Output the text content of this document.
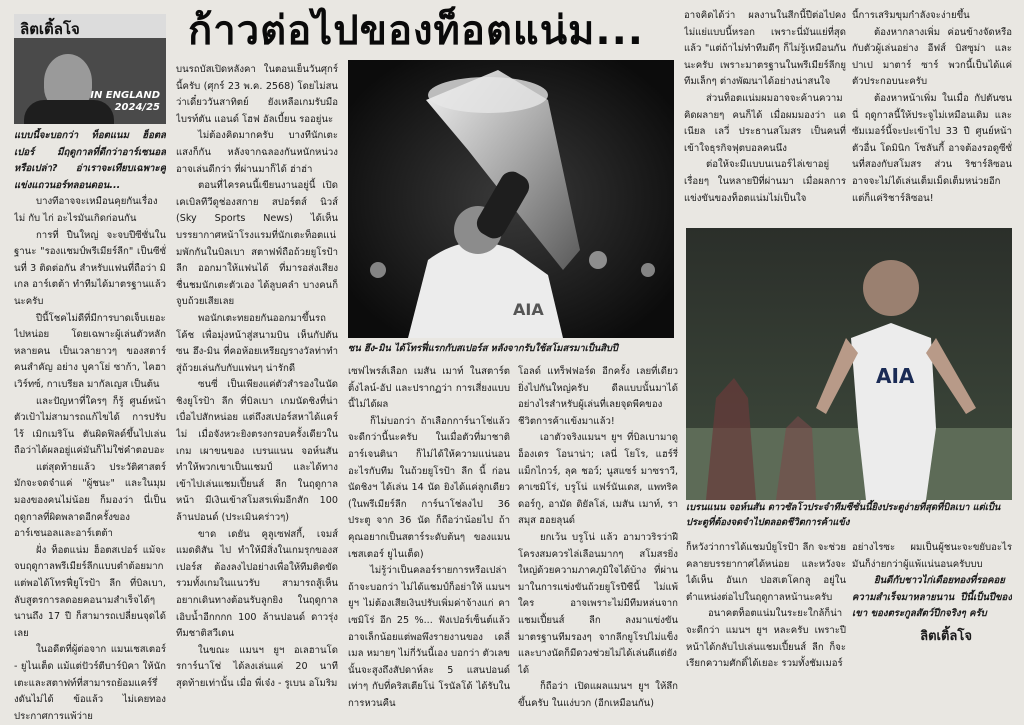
ลิตเติ้ลโจ
IN ENGLAND
2024/25
ก้าวต่อไปของท็อตแน่ม...

แบบนี้จะบอกว่า ท็อตแนม ฮ็อตสเปอร์ มีฤดูกาลที่ดีกว่าอาร์เซนอล หรือเปล่า? อ่าเราจะเทียบเฉพาะคู่แข่งแถวนอร์ทลอนดอน...

บางทีอาจจะเหมือนคุยกันเรื่อง ไม่ กับ ไก่ อะไรมันเกิดก่อนกัน

การที่ ปืนใหญ่ จะจบปีซีซั่นในฐานะ "รองแชมป์พรีเมียร์ลีก" เป็นซีซั่นที่ 3 ติดต่อกัน สำหรับแฟนที่ถือว่า มิเกล อาร์เตต้า ทำทีมได้มาตรฐานแล้วนะครับ

ปีนี้โชคไม่ดีที่มีการบาดเจ็บเยอะไปหน่อย โดยเฉพาะผู้เล่นตัวหลักหลายคน เป็นเวลายาวๆ ของสตาร์คนสำคัญ อย่าง บูคาโย่ ซาก้า, ไคฮาเวิร์ทซ์, กาเบรียล มากัลเญส เป็นต้น

และปัญหาที่ใครๆ ก็รู้ ศูนย์หน้าตัวเป้าไม่สามารถแก้ไขได้ การปรับไร้ เมิกเมริโน ตันผิดฟิลด์ขึ้นไปเล่น ถือว่าได้ผลอยู่แค่มันก็ไม่ใช่คำตอบอะ

แต่สุดท้ายแล้ว ประวัติศาสตร์มักจะจดจำแค่ "ผู้ชนะ" และในมุมมองของคนไม่น้อย ก็มองว่า นี่เป็นฤดูกาลที่ผิดพลาดอีกครั้งของอาร์เซนอลและอาร์เตต้า

ฝั่ง ท็อตแน่ม ฮ็อตสเปอร์ แม้จะจบฤดูกาลพรีเมียร์ลีกแบบตำต้อยมากแต่พอได้โทรฟี่ยูโรป้า ลีก ที่บิลเบา, ลับสูตรการลดอยคอนามสำเร็จได้ๆ นานถึง 17 ปี ก็สามารถเปลี่ยนจุดได้เลย

ในอดีตที่ผู้ต่อจาก แมนเชสเตอร์ - ยูไนเต็ด แม้แต่ปัวร์ตีบาร์บิคา ให้นักเตะและสตาฟท์ที่สามารถย้อมแคร์รึ่งดันไม่ได้ ข้อแล้ว ไม่เคยทองประกาศการแพ้ว่าย

บนรถบัสเปิดหลังคา ในตอนเย็นวันศุกร์นี้ครับ (ศุกร์ 23 พ.ค. 2568) โดยไม่สนว่าเดี๋ยววันสาทิตย์ ยังเหลือเกมรับมือไบรท์ตัน แอนด์ โฮฟ อัลเบี้ยน รออยู่นะ

ไม่ต้องคิดมากครับ บางทีนักเตะแสงก็กัน หลังจากฉลองกันหนักหน่วงอาจเล่นดีกว่า ที่ผ่านมาก็ได้ ฮ่าฮ่า

ตอนที่ไครคนนี้เขียนงานอยู่นี้ เปิดเคเบิลทีวีดูช่องสกาย สปอร์ตส์ นิวส์ (Sky Sports News) ได้เห็นบรรยากาศหน้าโรงแรมที่นักเตะท็อตแน่มพักกันในบิลเบา สตาฟฟ์ถือถ้วยยูโรป้า ลีก ออกมาให้แฟนได้ ที่มารอส่งเสียงชื่นชมนักเตะตัวเอง ได้ลูบคลำ บางคนก็จูบถ้วยเสียเลย

พอนักเตะทยอยกันออกมาขึ้นรถโค้ช เพื่อมุ่งหน้าสู่สนามบิน เห็นกัปตัน ซน ฮึง-มิน ที่คอห้อยเหรียญรางวัลท่าทำสู่ถ้วยเล่นกับกับแฟนๆ น่ารักดี

ซนซี่ เป็นเพียงแค่ตัวสำรองในนัดชิงยูโรป้า ลีก ที่บิลเบา เกมนัดชิงที่น่าเบื่อไปสักหน่อย แต่ถึงสเปอร์สหาได้แคร์ไม่ เมื่อจังหวะยิงตรงกรอบครั้งเดียวในเกม เผาขนของ เบรนแนน จอห์นสัน ทำให้พวกเขาเป็นแชมป์ และได้ทางเข้าไปเล่นแชมเปี้ยนส์ ลีก ในฤดูกาลหน้า มีเงินเข้าสโมสรเพิ่มอีกสัก 100 ล้านปอนด์ (ประเมินคร่าวๆ)

ขาด เดยัน คูลูเซฟสกี้, เจมส์ แมดดิสัน ไป ทำให้มีสิ่งในเกมรุกของสเปอร์ส ต้องลงไปอย่างเพื่อให้ทีมติดขัด รวมทั้งเกมในแนวรับ สามารถสู้เห็นอยากเดินทางต้อนรับลูกยิง ในฤดูกาลเอิบน้ำอีกกกก 100 ล้านปอนด์ ดาวรุ่งทีมชาติสวีเดน

ในขณะ แมนฯ ยูฯ อเลฮานโดรการ์นาโช่ ได้ลงเล่นแค่ 20 นาทีสุดท้ายเท่านั้น เมื่อ พี่เจ๋ง - รูเบน อโมริม

AIA
ซน ฮึง-มิน ได้โทรฟี่แรกกับสเปอร์ส หลังจากรับใช้สโมสรมาเป็นสิบปี

เซฟไพรส์เลือก เมสัน เมาท์ ในสตาร์ตติ้งไลน์-อัป และปรากฏว่า การเสี่ยงแบบนี้ไม่ได้ผล

ก็ไม่บอกว่า ถ้าเลือกการ์นาโช่แล้วจะดีกว่านี้นะครับ ในเมื่อตัวที่มาชาติอาร์เจนตินา ก็ไม่ได้ให้ความแน่นอนอะไรกับทีม ในถ้วยยูโรป้า ลีก นี้ ก่อนนัดชิงฯ ได้เล่น 14 นัด ยิงได้แค่ลูกเดียว (ในพรีเมียร์ลีก การ์นาโช่ลงไป 36 ประตู จาก 36 นัด ก็ถือว่าน้อยไป ถ้าคุณอยากเป็นสตาร์ระดับต้นๆ ของแมนเชสเตอร์ ยูไนเต็ด)

ไม่รู้ว่าเป็นคลอร์รายการหรือเปล่า ถ้าจะบอกว่า ไม่ได้แชมป์ก็อย่าให้ แมนฯ ยูฯ ไม่ต้องเสียเงินปรับเพิ่มค่าจ้างแก่ คาเซมิโร่ อีก 25 %... ฟังเปอร์เซ็นต์แล้วอาจเล็กน้อยแต่พอพึงรายงานของ เดลี่ เมล หมายๆ ไม่กี่วันนี้เอง บอกว่า ตัวเลขนั้นจะสูงถึงสัปดาห์ละ 5 แสนปอนด์ เท่าๆ กับที่คริสเตียโน่ โรนัลโด้ ได้รับในการหวนคืน

อาจคิดได้ว่า ผลงานในสีกนี้ปีต่อไปคงไม่แย่แบบนี้หรอก เพราะนี่มันแย่ที่สุดแล้ว "แต่ถ้าไม่ทำทีมดีๆ ก็ไม่รู้เหมือนกันนะครับ เพราะมาตรฐานในพรีเมียร์ลีกยูทีมเล็กๆ ต่างพัฒนาได้อย่างน่าสนใจ

ส่วนท็อตแน่มผมอาจจะค้านความคิดผลายๆ คนก็ได้ เมื่อผมมองว่า แดเนียล เลวี่ ประธานสโมสร เป็นคนที่เข้าใจธุรกิจฟุตบอลคนนึง

ต่อให้จะมีแบบนเนอร์ไล่เขาอยู่เรื่อยๆ ในหลายปีที่ผ่านมา เมื่อผลการแข่งขันของท็อตแน่มไม่เป็นใจ

โอลด์ แทร็ฟฟอร์ด อีกครั้ง เลยที่เดียว ยิ่งไปกันใหญ่ครับ ดีลแบบนั้นมาได้อย่างไรสำหรับผู้เล่นที่เลยจุดพีคของชีวิตการค้าแข้งมาแล้ว!

เอาตัวจริงแมนฯ ยูฯ ที่บิลเบามาดู อ็องเดร โอนาน่า; เลนี่ โยโร, แฮร์รี่ แม็กไกวร์, ลุค ชอว์; นูสแซร์ มาซราวี, คาเซมิโร่, บรูโน่ แฟร์นันเดส, แพทริค ดอร์กู, อามัด ดิยัลโล่, เมสัน เมาท์, ราสมุส ฮอยลุนด์

ยกเว้น บรูโน่ แล้ว อามาวริรว่าฝีโครงสมควรไล่เลือนมากๆ สโมสรยิ่งใหญ่ด้วยความภาคภูมิใจได้บ้าง ที่ผ่านมาในการแข่งขันถ้วยยูโรปีซีนี้ ไม่แพ้ใคร อาจเพราะไม่มีทีมหล่นจากแชมเปี้ยนส์ ลีก ลงมาแข่งขัน มาตรฐานทีมรองๆ จากลีกยูโรปไม่แข็ง และบางนัดก็มีดวงช่วยไม่ได้เล่นดีแต่ยังได้

ก็ถือว่า เปิดแผลแมนฯ ยูฯ ให้ลึกขึ้นครับ ในแง่บวก (อีกเหมือนกัน)

นี้การเสริมขุมกำลังจะง่ายขึ้น

ต้องหากลางเพิ่ม ค่อนข้างจัดหรือกับตัวผู้เล่นอย่าง อีฟส์ บิสซูม่า และ ปาเป มาตาร์ ซาร์ พวกนี้เป็นได้แค่ตัวประกอบนะครับ

ต้องหาหน้าเพิ่ม ในเมื่อ กัปตันซนนี่ ฤดูกาลนี้ให้ประจูไม่เหมือนเดิม และซัมเมอร์นี้จะปะเข้าไป 33 ปี ศูนย์หน้าตัวอื่น โดมินิก โซลันกี้ อาจต้องรอดูซีซั่นที่สองกับสโมสร ส่วน ริชาร์ลิซอน อาจจะไม่ได้เล่นเต็มเม็ดเต็มหน่วยอีก แต่ก็แค่ริชาร์ลิซอน!

AIA
เบรนแนน จอห์นสัน ดาวซัลโวประจำทีมซีซั่นนี้ยิงประตูง่ายที่สุดที่บิลเบา แต่เป็นประตูที่ต้องจดจำไปตลอดชีวิตการค้าแข้ง

ก็หวังว่าการได้แชมป์ยูโรป้า ลีก จะช่วยคลายบรรยากาศได้หน่อย และหวังจะได้เห็น อันเก ปอสเตโคกลู อยู่ในตำแหน่งต่อไปในฤดูกาลหน้านะครับ

อนาคตท็อตแน่มในระยะใกล้ก็น่าจะดีกว่า แมนฯ ยูฯ หละครับ เพราะปีหน้าได้กลับไปเล่นแชมเปี้ยนส์ ลีก ก็จะเรียกความศักดิ์ได้เยอะ รวมทั้งชัมเมอร์

อย่างไรซะ ผมเป็นผู้ชนะจะขยับอะไรมันก็ง่ายกว่าผู้แพ้แน่นอนครับบบ

ยินดีกับชาวไก่เดือยทองที่รอคอยความสำเร็จมาหลายนาน ปีนี้เป็นปีของเขา ของตระกูลสัตว์ปีกจริงๆ ครับ

ลิตเติ้ลโจ
